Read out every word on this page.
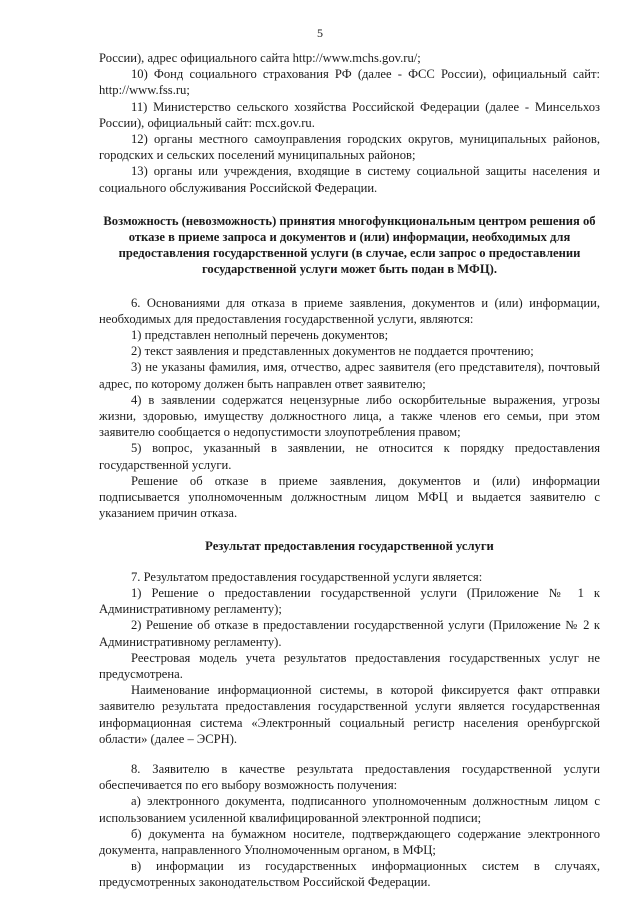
5

России), адрес официального сайта http://www.mchs.gov.ru/;

10) Фонд социального страхования РФ (далее - ФСС России), официальный сайт: http://www.fss.ru;

11) Министерство сельского хозяйства Российской Федерации (далее - Минсельхоз России), официальный сайт: mcx.gov.ru.

12) органы местного самоуправления городских округов, муниципальных районов, городских и сельских поселений муниципальных районов;

13) органы или учреждения, входящие в систему социальной защиты населения и социального обслуживания Российской Федерации.

Возможность (невозможность) принятия многофункциональным центром решения об отказе в приеме запроса и документов и (или) информации, необходимых для предоставления государственной услуги (в случае, если запрос о предоставлении государственной услуги может быть подан в МФЦ).

6. Основаниями для отказа в приеме заявления, документов и (или) информации, необходимых для предоставления государственной услуги, являются:

1) представлен неполный перечень документов;

2) текст заявления и представленных документов не поддается прочтению;

3) не указаны фамилия, имя, отчество, адрес заявителя (его представителя), почтовый адрес, по которому должен быть направлен ответ заявителю;

4) в заявлении содержатся нецензурные либо оскорбительные выражения, угрозы жизни, здоровью, имуществу должностного лица, а также членов его семьи, при этом заявителю сообщается о недопустимости злоупотребления правом;

5) вопрос, указанный в заявлении, не относится к порядку предоставления государственной услуги.

Решение об отказе в приеме заявления, документов и (или) информации подписывается уполномоченным должностным лицом МФЦ и выдается заявителю с указанием причин отказа.

Результат предоставления государственной услуги

7. Результатом предоставления государственной услуги является:

1) Решение о предоставлении государственной услуги (Приложение № 1 к Административному регламенту);

2) Решение об отказе в предоставлении государственной услуги (Приложение № 2 к Административному регламенту).

Реестровая модель учета результатов предоставления государственных услуг не предусмотрена.

Наименование информационной системы, в которой фиксируется факт отправки заявителю результата предоставления государственной услуги является государственная информационная система «Электронный социальный регистр населения оренбургской области» (далее – ЭСРН).

8. Заявителю в качестве результата предоставления государственной услуги обеспечивается по его выбору возможность получения:

а) электронного документа, подписанного уполномоченным должностным лицом с использованием усиленной квалифицированной электронной подписи;

б) документа на бумажном носителе, подтверждающего содержание электронного документа, направленного Уполномоченным органом, в МФЦ;

в) информации из государственных информационных систем в случаях, предусмотренных законодательством Российской Федерации.
